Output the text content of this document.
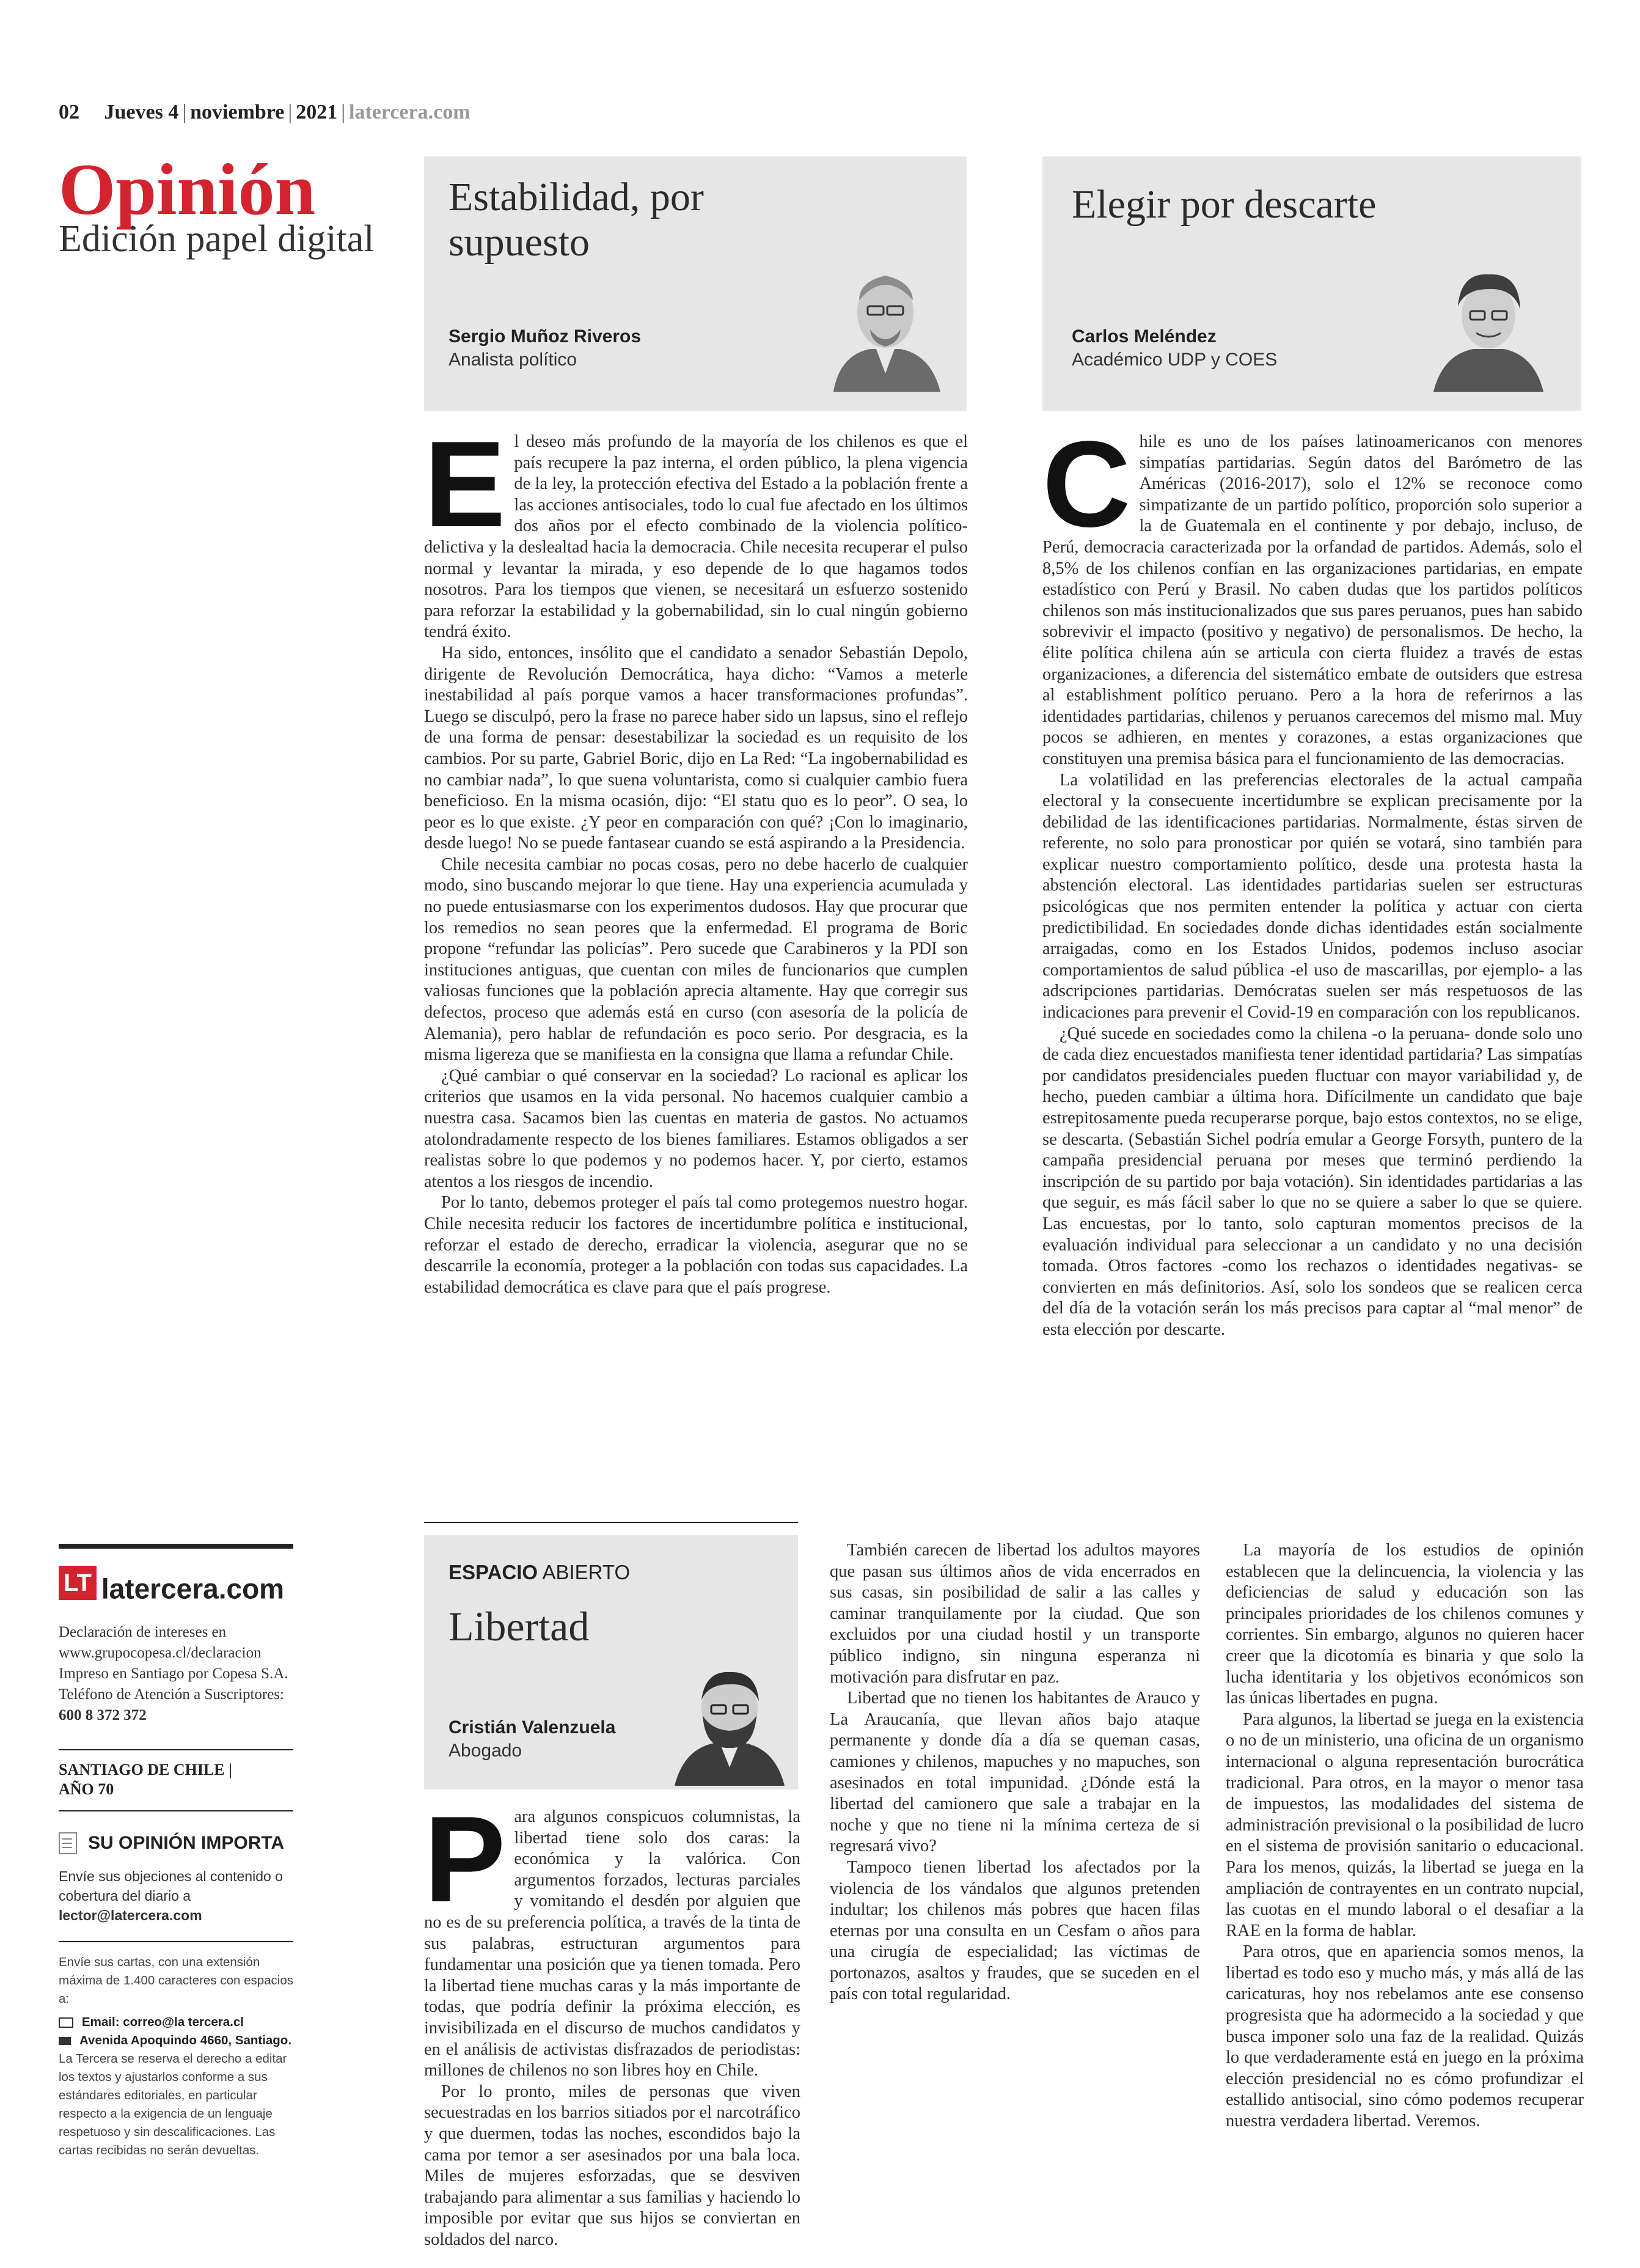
02 Jueves 4 | noviembre | 2021 | latercera.com
Opinión
Edición papel digital
Estabilidad, por supuesto
Sergio Muñoz Riveros
Analista político
Elegir por descarte
Carlos Meléndez
Académico UDP y COES
E l deseo más profundo de la mayoría de los chilenos es que el país recupere la paz interna, el orden público, la plena vigencia de la ley, la protección efectiva del Estado a la población frente a las acciones antisociales, todo lo cual fue afectado en los últimos dos años por el efecto combinado de la violencia político-delictiva y la deslealtad hacia la democracia. Chile necesita recuperar el pulso normal y levantar la mirada, y eso depende de lo que hagamos todos nosotros. Para los tiempos que vienen, se necesitará un esfuerzo sostenido para reforzar la estabilidad y la gobernabilidad, sin lo cual ningún gobierno tendrá éxito.

Ha sido, entonces, insólito que el candidato a senador Sebastián Depolo, dirigente de Revolución Democrática, haya dicho: “Vamos a meterle inestabilidad al país porque vamos a hacer transformaciones profundas”. Luego se disculpó, pero la frase no parece haber sido un lapsus, sino el reflejo de una forma de pensar: desestabilizar la sociedad es un requisito de los cambios. Por su parte, Gabriel Boric, dijo en La Red: “La ingobernabilidad es no cambiar nada”, lo que suena voluntarista, como si cualquier cambio fuera beneficioso. En la misma ocasión, dijo: “El statu quo es lo peor”. O sea, lo peor es lo que existe. ¿Y peor en comparación con qué? ¡Con lo imaginario, desde luego! No se puede fantasear cuando se está aspirando a la Presidencia.

Chile necesita cambiar no pocas cosas, pero no debe hacerlo de cualquier modo, sino buscando mejorar lo que tiene. Hay una experiencia acumulada y no puede entusiasmarse con los experimentos dudosos. Hay que procurar que los remedios no sean peores que la enfermedad. El programa de Boric propone “refundar las policías”. Pero sucede que Carabineros y la PDI son instituciones antiguas, que cuentan con miles de funcionarios que cumplen valiosas funciones que la población aprecia altamente. Hay que corregir sus defectos, proceso que además está en curso (con asesoría de la policía de Alemania), pero hablar de refundación es poco serio. Por desgracia, es la misma ligereza que se manifiesta en la consigna que llama a refundar Chile.

¿Qué cambiar o qué conservar en la sociedad? Lo racional es aplicar los criterios que usamos en la vida personal. No hacemos cualquier cambio a nuestra casa. Sacamos bien las cuentas en materia de gastos. No actuamos atolondradamente respecto de los bienes familiares. Estamos obligados a ser realistas sobre lo que podemos y no podemos hacer. Y, por cierto, estamos atentos a los riesgos de incendio.

Por lo tanto, debemos proteger el país tal como protegemos nuestro hogar. Chile necesita reducir los factores de incertidumbre política e institucional, reforzar el estado de derecho, erradicar la violencia, asegurar que no se descarrile la economía, proteger a la población con todas sus capacidades. La estabilidad democrática es clave para que el país progrese.

C hile es uno de los países latinoamericanos con menores simpatías partidarias. Según datos del Barómetro de las Américas (2016-2017), solo el 12% se reconoce como simpatizante de un partido político, proporción solo superior a la de Guatemala en el continente y por debajo, incluso, de Perú, democracia caracterizada por la orfandad de partidos. Además, solo el 8,5% de los chilenos confían en las organizaciones partidarias, en empate estadístico con Perú y Brasil. No caben dudas que los partidos políticos chilenos son más institucionalizados que sus pares peruanos, pues han sabido sobrevivir el impacto (positivo y negativo) de personalismos. De hecho, la élite política chilena aún se articula con cierta fluidez a través de estas organizaciones, a diferencia del sistemático embate de outsiders que estresa al establishment político peruano. Pero a la hora de referirnos a las identidades partidarias, chilenos y peruanos carecemos del mismo mal. Muy pocos se adhieren, en mentes y corazones, a estas organizaciones que constituyen una premisa básica para el funcionamiento de las democracias.

La volatilidad en las preferencias electorales de la actual campaña electoral y la consecuente incertidumbre se explican precisamente por la debilidad de las identificaciones partidarias. Normalmente, éstas sirven de referente, no solo para pronosticar por quién se votará, sino también para explicar nuestro comportamiento político, desde una protesta hasta la abstención electoral. Las identidades partidarias suelen ser estructuras psicológicas que nos permiten entender la política y actuar con cierta predictibilidad. En sociedades donde dichas identidades están socialmente arraigadas, como en los Estados Unidos, podemos incluso asociar comportamientos de salud pública -el uso de mascarillas, por ejemplo- a las adscripciones partidarias. Demócratas suelen ser más respetuosos de las indicaciones para prevenir el Covid-19 en comparación con los republicanos.

¿Qué sucede en sociedades como la chilena -o la peruana- donde solo uno de cada diez encuestados manifiesta tener identidad partidaria? Las simpatías por candidatos presidenciales pueden fluctuar con mayor variabilidad y, de hecho, pueden cambiar a última hora. Difícilmente un candidato que baje estrepitosamente pueda recuperarse porque, bajo estos contextos, no se elige, se descarta. (Sebastián Sichel podría emular a George Forsyth, puntero de la campaña presidencial peruana por meses que terminó perdiendo la inscripción de su partido por baja votación). Sin identidades partidarias a las que seguir, es más fácil saber lo que no se quiere a saber lo que se quiere. Las encuestas, por lo tanto, solo capturan momentos precisos de la evaluación individual para seleccionar a un candidato y no una decisión tomada. Otros factores -como los rechazos o identidades negativas- se convierten en más definitorios. Así, solo los sondeos que se realicen cerca del día de la votación serán los más precisos para captar al “mal menor” de esta elección por descarte.

LT latercera.com
Declaración de intereses en www.grupocopesa.cl/declaracion Impreso en Santiago por Copesa S.A. Teléfono de Atención a Suscriptores: 600 8 372 372
SANTIAGO DE CHILE |
AÑO 70
SU OPINIÓN IMPORTA
Envíe sus objeciones al contenido o cobertura del diario a lector@latercera.com
Envíe sus cartas, con una extensión máxima de 1.400 caracteres con espacios a:
Email: correo@la tercera.cl
Avenida Apoquindo 4660, Santiago.
La Tercera se reserva el derecho a editar los textos y ajustarlos conforme a sus estándares editoriales, en particular respecto a la exigencia de un lenguaje respetuoso y sin descalificaciones. Las cartas recibidas no serán devueltas.
ESPACIO ABIERTO
Libertad
Cristián Valenzuela
Abogado
P ara algunos conspicuos columnistas, la libertad tiene solo dos caras: la económica y la valórica. Con argumentos forzados, lecturas parciales y vomitando el desdén por alguien que no es de su preferencia política, a través de la tinta de sus palabras, estructuran argumentos para fundamentar una posición que ya tienen tomada. Pero la libertad tiene muchas caras y la más importante de todas, que podría definir la próxima elección, es invisibilizada en el discurso de muchos candidatos y en el análisis de activistas disfrazados de periodistas: millones de chilenos no son libres hoy en Chile.

Por lo pronto, miles de personas que viven secuestradas en los barrios sitiados por el narcotráfico y que duermen, todas las noches, escondidos bajo la cama por temor a ser asesinados por una bala loca. Miles de mujeres esforzadas, que se desviven trabajando para alimentar a sus familias y haciendo lo imposible por evitar que sus hijos se conviertan en soldados del narco.

También carecen de libertad los adultos mayores que pasan sus últimos años de vida encerrados en sus casas, sin posibilidad de salir a las calles y caminar tranquilamente por la ciudad. Que son excluidos por una ciudad hostil y un transporte público indigno, sin ninguna esperanza ni motivación para disfrutar en paz.

Libertad que no tienen los habitantes de Arauco y La Araucanía, que llevan años bajo ataque permanente y donde día a día se queman casas, camiones y chilenos, mapuches y no mapuches, son asesinados en total impunidad. ¿Dónde está la libertad del camionero que sale a trabajar en la noche y que no tiene ni la mínima certeza de si regresará vivo?

Tampoco tienen libertad los afectados por la violencia de los vándalos que algunos pretenden indultar; los chilenos más pobres que hacen filas eternas por una consulta en un Cesfam o años para una cirugía de especialidad; las víctimas de portonazos, asaltos y fraudes, que se suceden en el país con total regularidad.

La mayoría de los estudios de opinión establecen que la delincuencia, la violencia y las deficiencias de salud y educación son las principales prioridades de los chilenos comunes y corrientes. Sin embargo, algunos no quieren hacer creer que la dicotomía es binaria y que solo la lucha identitaria y los objetivos económicos son las únicas libertades en pugna.

Para algunos, la libertad se juega en la existencia o no de un ministerio, una oficina de un organismo internacional o alguna representación burocrática tradicional. Para otros, en la mayor o menor tasa de impuestos, las modalidades del sistema de administración previsional o la posibilidad de lucro en el sistema de provisión sanitario o educacional. Para los menos, quizás, la libertad se juega en la ampliación de contrayentes en un contrato nupcial, las cuotas en el mundo laboral o el desafiar a la RAE en la forma de hablar.

Para otros, que en apariencia somos menos, la libertad es todo eso y mucho más, y más allá de las caricaturas, hoy nos rebelamos ante ese consenso progresista que ha adormecido a la sociedad y que busca imponer solo una faz de la realidad. Quizás lo que verdaderamente está en juego en la próxima elección presidencial no es cómo profundizar el estallido antisocial, sino cómo podemos recuperar nuestra verdadera libertad. Veremos.
